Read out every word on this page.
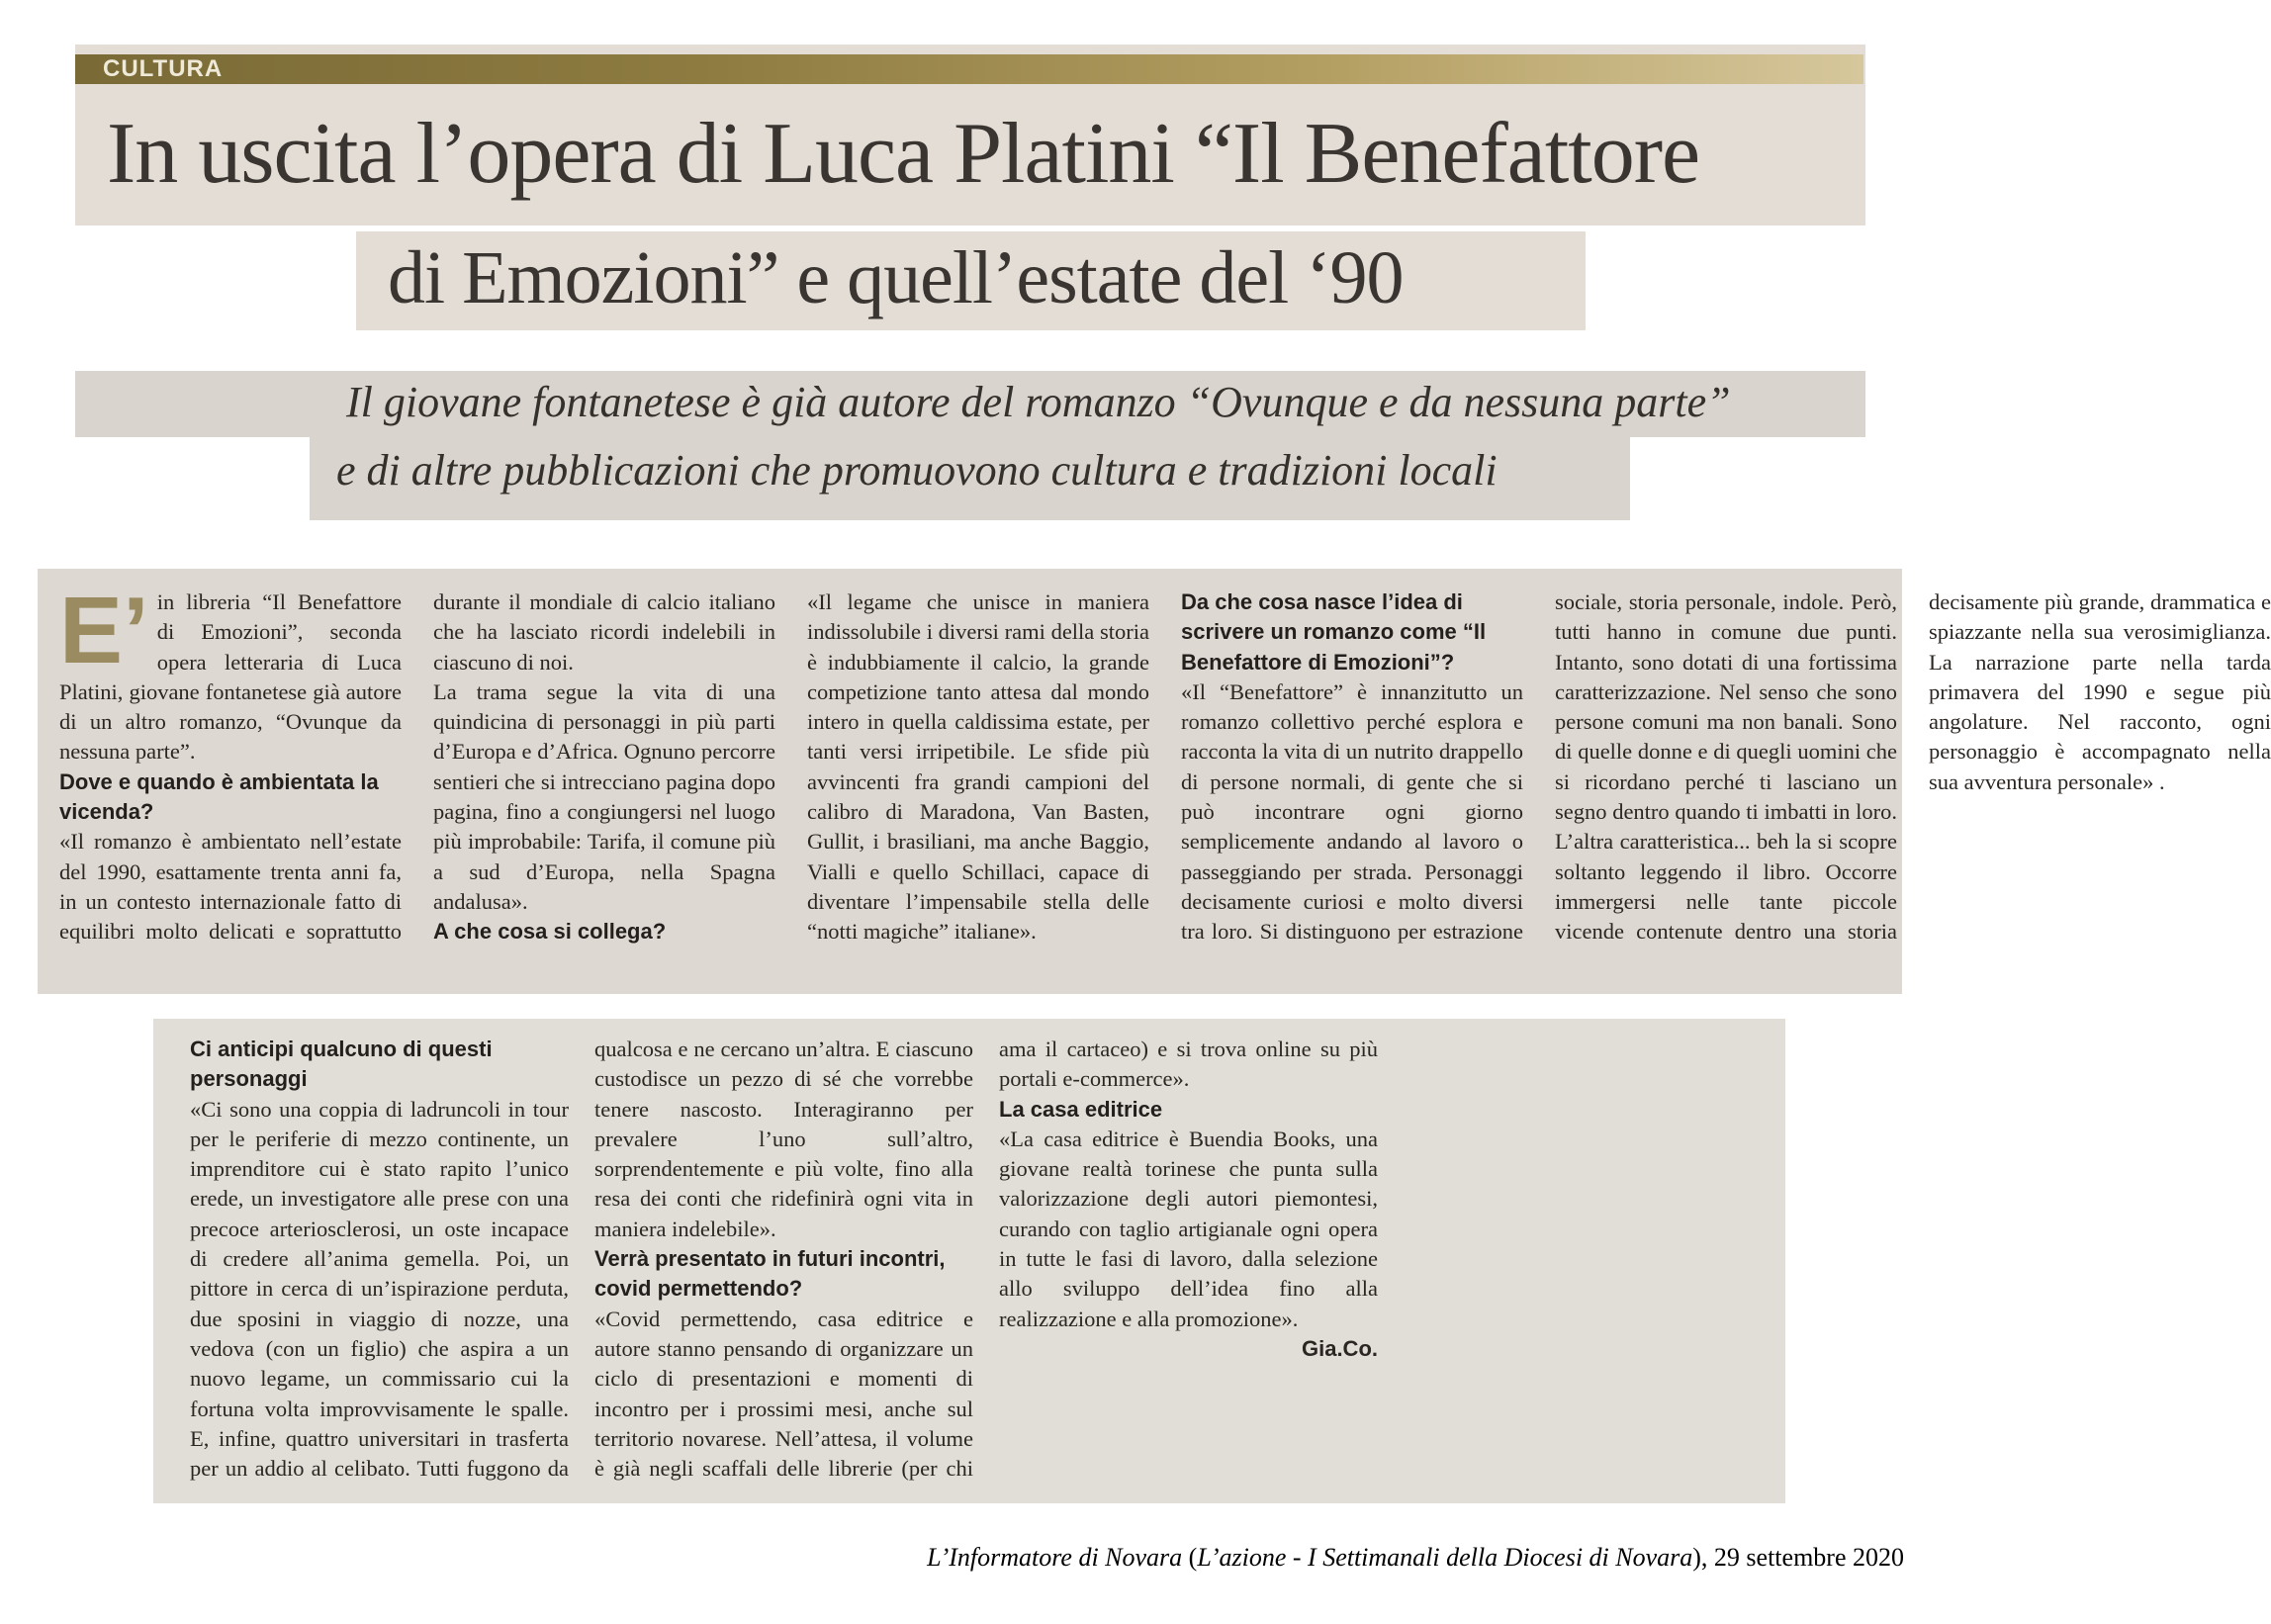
CULTURA
In uscita l’opera di Luca Platini “Il Benefattore
di Emozioni” e quell’estate del ‘90
Il giovane fontanetese è già autore del romanzo “Ovunque e da nessuna parte”
e di altre pubblicazioni che promuovono cultura e tradizioni locali
E’ in libreria “Il Benefattore di Emozioni”, seconda opera letteraria di Luca Platini, giovane fontanetese già autore di un altro romanzo, “Ovunque da nessuna parte”.

Dove e quando è ambientata la vicenda?

«Il romanzo è ambientato nell’estate del 1990, esattamente trenta anni fa, in un contesto internazionale fatto di equilibri molto delicati e soprattutto durante il mondiale di calcio italiano che ha lasciato ricordi indelebili in ciascuno di noi.

La trama segue la vita di una quindicina di personaggi in più parti d’Europa e d’Africa. Ognuno percorre sentieri che si intrecciano pagina dopo pagina, fino a congiungersi nel luogo più improbabile: Tarifa, il comune più a sud d’Europa, nella Spagna andalusa».

A che cosa si collega?

«Il legame che unisce in maniera indissolubile i diversi rami della storia è indubbiamente il calcio, la grande competizione tanto attesa dal mondo intero in quella caldissima estate, per tanti versi irripetibile. Le sfide più avvincenti fra grandi campioni del calibro di Maradona, Van Basten, Gullit, i brasiliani, ma anche Baggio, Vialli e quello Schillaci, capace di diventare l’impensabile stella delle “notti magiche” italiane».

Da che cosa nasce l’idea di scrivere un romanzo come “Il Benefattore di Emozioni”?

«Il “Benefattore” è innanzitutto un romanzo collettivo perché esplora e racconta la vita di un nutrito drappello di persone normali, di gente che si può incontrare ogni giorno semplicemente andando al lavoro o passeggiando per strada. Personaggi decisamente curiosi e molto diversi tra loro. Si distinguono per estrazione sociale, storia personale, indole. Però, tutti hanno in comune due punti. Intanto, sono dotati di una fortissima caratterizzazione. Nel senso che sono persone comuni ma non banali. Sono di quelle donne e di quegli uomini che si ricordano perché ti lasciano un segno dentro quando ti imbatti in loro. L’altra caratteristica... beh la si scopre soltanto leggendo il libro. Occorre immergersi nelle tante piccole vicende contenute dentro una storia decisamente più grande, drammatica e spiazzante nella sua verosimiglianza. La narrazione parte nella tarda primavera del 1990 e segue più angolature. Nel racconto, ogni personaggio è accompagnato nella sua avventura personale» .

Ci anticipi qualcuno di questi personaggi

«Ci sono una coppia di ladruncoli in tour per le periferie di mezzo continente, un imprenditore cui è stato rapito l’unico erede, un investigatore alle prese con una precoce arteriosclerosi, un oste incapace di credere all’anima gemella. Poi, un pittore in cerca di un’ispirazione perduta, due sposini in viaggio di nozze, una vedova (con un figlio) che aspira a un nuovo legame, un commissario cui la fortuna volta improvvisamente le spalle. E, infine, quattro universitari in trasferta per un addio al celibato. Tutti fuggono da qualcosa e ne cercano un’altra. E ciascuno custodisce un pezzo di sé che vorrebbe tenere nascosto. Interagiranno per prevalere l’uno sull’altro, sorprendentemente e più volte, fino alla resa dei conti che ridefinirà ogni vita in maniera indelebile».

Verrà presentato in futuri incontri, covid permettendo?

«Covid permettendo, casa editrice e autore stanno pensando di organizzare un ciclo di presentazioni e momenti di incontro per i prossimi mesi, anche sul territorio novarese. Nell’attesa, il volume è già negli scaffali delle librerie (per chi ama il cartaceo) e si trova online su più portali e-commerce».

La casa editrice

«La casa editrice è Buendia Books, una giovane realtà torinese che punta sulla valorizzazione degli autori piemontesi, curando con taglio artigianale ogni opera in tutte le fasi di lavoro, dalla selezione allo sviluppo dell’idea fino alla realizzazione e alla promozione».

Gia.Co.

L’Informatore di Novara (L’azione - I Settimanali della Diocesi di Novara), 29 settembre 2020
